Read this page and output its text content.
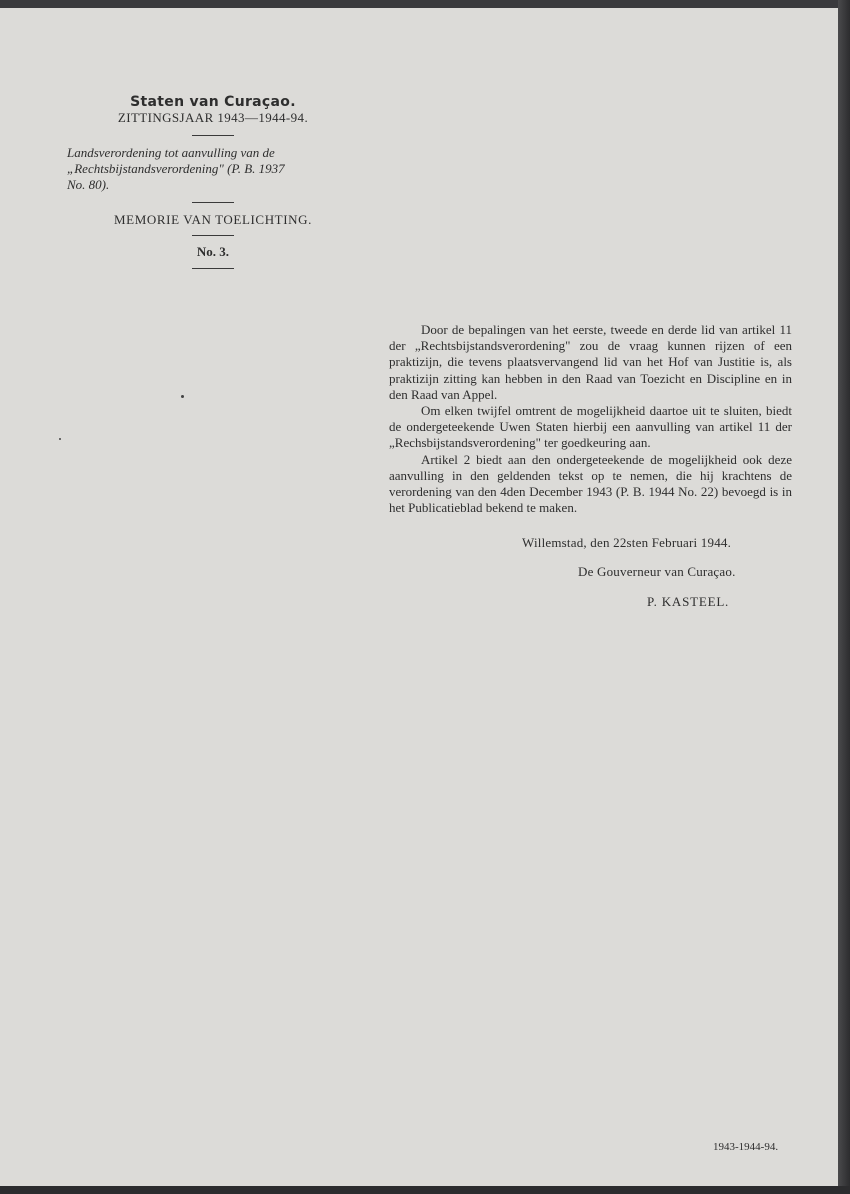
Staten van Curaçao.

ZITTINGSJAAR 1943—1944-94.

Landsverordening tot aanvulling van de
„Rechtsbijstandsverordening" (P. B. 1937
No. 80).

MEMORIE VAN TOELICHTING.

No. 3.

Door de bepalingen van het eerste, tweede en derde lid van artikel 11 der „Rechtsbijstandsverordening" zou de vraag kunnen rijzen of een praktizijn, die tevens plaatsvervangend lid van het Hof van Justitie is, als praktizijn zitting kan hebben in den Raad van Toezicht en Discipline en in den Raad van Appel.

Om elken twijfel omtrent de mogelijkheid daartoe uit te sluiten, biedt de ondergeteekende Uwen Staten hierbij een aanvulling van artikel 11 der „Rechsbijstandsverordening" ter goedkeuring aan.

Artikel 2 biedt aan den ondergeteekende de mogelijkheid ook deze aanvulling in den geldenden tekst op te nemen, die hij krachtens de verordening van den 4den December 1943 (P. B. 1944 No. 22) bevoegd is in het Publicatieblad bekend te maken.

Willemstad, den 22sten Februari 1944.
De Gouverneur van Curaçao.
P. KASTEEL.
1943-1944-94.
